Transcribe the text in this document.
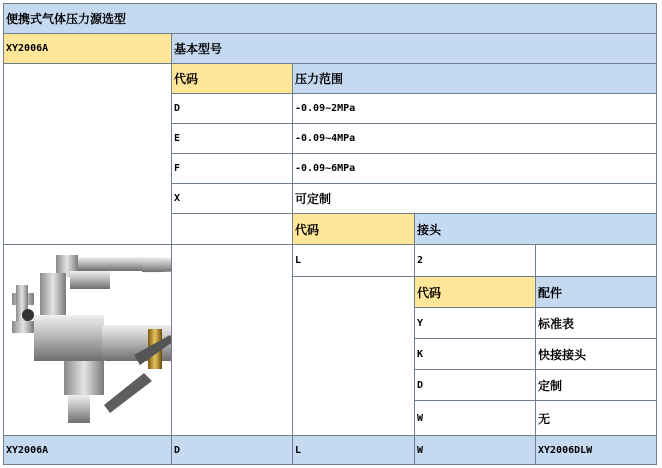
便携式气体压力源选型
XY2006A	基本型号
代码	压力范围
D	-0.09~2MPa
E	-0.09~4MPa
F	-0.09~6MPa
X	可定制
代码	接头
L	2
代码	配件
Y	标准表
K	快接接头
D	定制
W	无
XY2006A	D	L	W	XY2006DLW
